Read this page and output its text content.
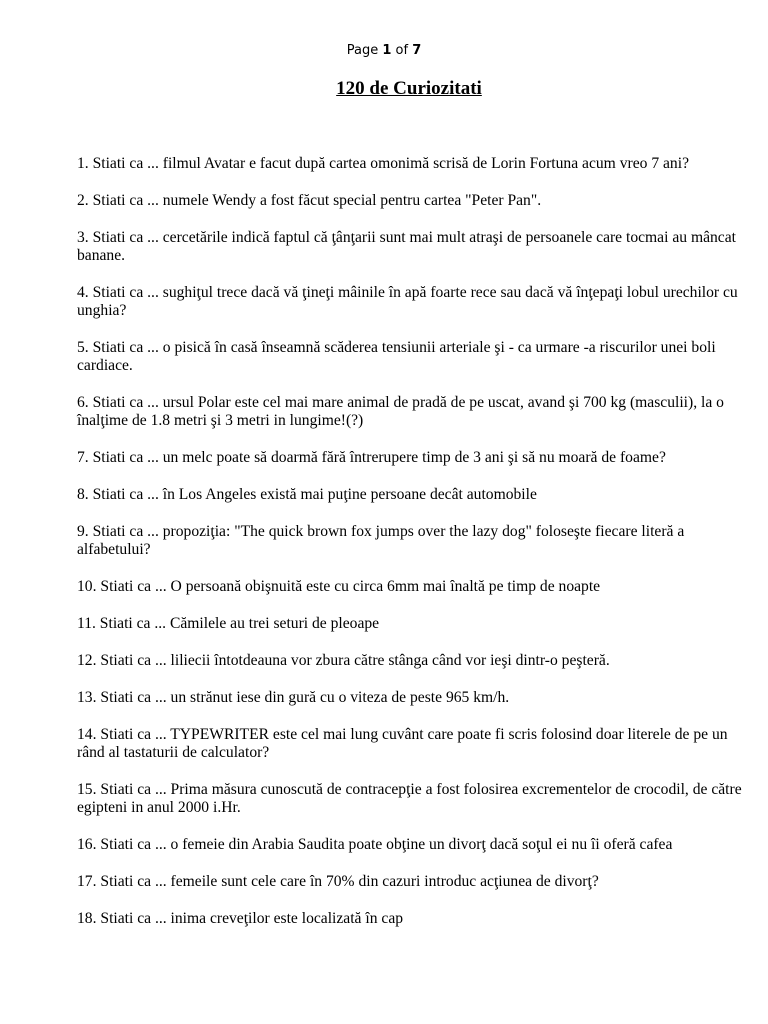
Page 1 of 7
120 de Curiozitati
1. Stiati ca ... filmul Avatar e facut după cartea omonimă scrisă de Lorin Fortuna acum vreo 7 ani?
2. Stiati ca ... numele Wendy a fost făcut special pentru cartea "Peter Pan".
3. Stiati ca ... cercetările indică faptul că ţânţarii sunt mai mult atraşi de persoanele care tocmai au mâncat banane.
4. Stiati ca ... sughiţul trece dacă vă ţineţi mâinile în apă foarte rece sau dacă vă înţepaţi lobul urechilor cu unghia?
5. Stiati ca ... o pisică în casă înseamnă scăderea tensiunii arteriale şi - ca urmare -a riscurilor unei boli cardiace.
6. Stiati ca ... ursul Polar este cel mai mare animal de pradă de pe uscat, avand şi 700 kg (masculii), la o înalţime de 1.8 metri şi 3 metri in lungime!(?)
7. Stiati ca ... un melc poate să doarmă fără întrerupere timp de 3 ani şi să nu moară de foame?
8. Stiati ca ... în Los Angeles există mai puţine persoane decât automobile
9. Stiati ca ... propoziţia: "The quick brown fox jumps over the lazy dog" foloseşte fiecare literă a alfabetului?
10. Stiati ca ... O persoană obişnuită este cu circa 6mm mai înaltă pe timp de noapte
11. Stiati ca ... Cămilele au trei seturi de pleoape
12. Stiati ca ... liliecii întotdeauna vor zbura către stânga când vor ieşi dintr-o peşteră.
13. Stiati ca ... un strănut iese din gură cu o viteza de peste 965 km/h.
14. Stiati ca ... TYPEWRITER este cel mai lung cuvânt care poate fi scris folosind doar literele de pe un rând al tastaturii de calculator?
15. Stiati ca ... Prima măsura cunoscută de contracepţie a fost folosirea excrementelor de crocodil, de către egipteni in anul 2000 i.Hr.
16. Stiati ca ... o femeie din Arabia Saudita poate obţine un divorţ dacă soţul ei nu îi oferă cafea
17. Stiati ca ... femeile sunt cele care în 70% din cazuri introduc acţiunea de divorţ?
18. Stiati ca ... inima creveţilor este localizată în cap
